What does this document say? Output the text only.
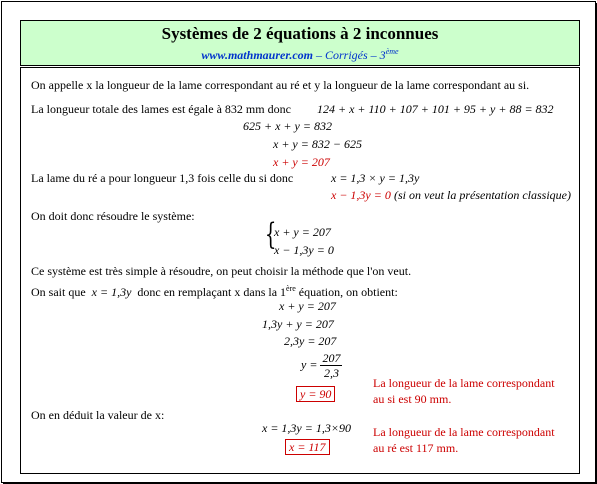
Systèmes de 2 équations à 2 inconnues
www.mathmaurer.com – Corrigés – 3ème
On appelle x la longueur de la lame correspondant au ré et y la longueur de la lame correspondant au si.
La longueur totale des lames est égale à 832 mm donc 124 + x + 110 + 107 + 101 + 95 + y + 88 = 832
625 + x + y = 832
x + y = 832 − 625
x + y = 207
La lame du ré a pour longueur 1,3 fois celle du si donc	x = 1,3 × y = 1,3y
x − 1,3y = 0 (si on veut la présentation classique)
On doit donc résoudre le système:
{
x + y = 207
x − 1,3y = 0
Ce système est très simple à résoudre, on peut choisir la méthode que l'on veut.
On sait que x = 1,3y donc en remplaçant x dans la 1ère équation, on obtient:
x + y = 207
1,3y + y = 207
2,3y = 207
$y = \frac{207}{2,3}$
y = 90
La longueur de la lame correspondant
au si est 90 mm.
On en déduit la valeur de x:
x = 1,3y = 1,3×90
x = 117
La longueur de la lame correspondant
au ré est 117 mm.
